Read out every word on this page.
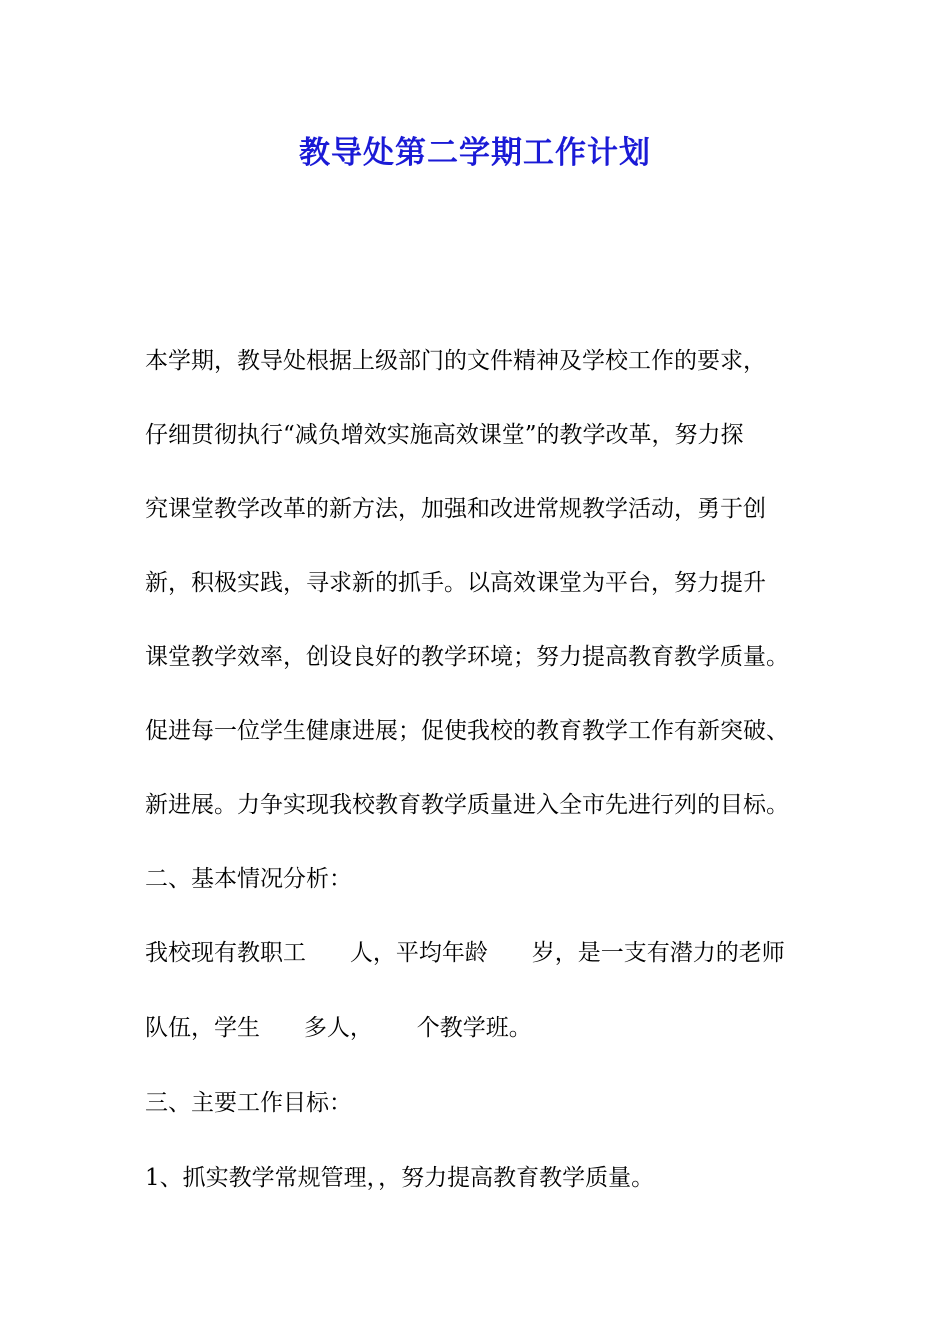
教导处第二学期工作计划
本学期，教导处根据上级部门的文件精神及学校工作的要求，
仔细贯彻执行“减负增效实施高效课堂”的教学改革，努力探
究课堂教学改革的新方法，加强和改进常规教学活动，勇于创
新，积极实践，寻求新的抓手。以高效课堂为平台，努力提升
课堂教学效率，创设良好的教学环境；努力提高教育教学质量。
促进每一位学生健康进展；促使我校的教育教学工作有新突破、
新进展。力争实现我校教育教学质量进入全市先进行列的目标。
二、基本情况分析：
我校现有教职工      人，平均年龄      岁，是一支有潜力的老师
队伍，学生      多人，      个教学班。
三、主要工作目标：
1、抓实教学常规管理，，努力提高教育教学质量。
